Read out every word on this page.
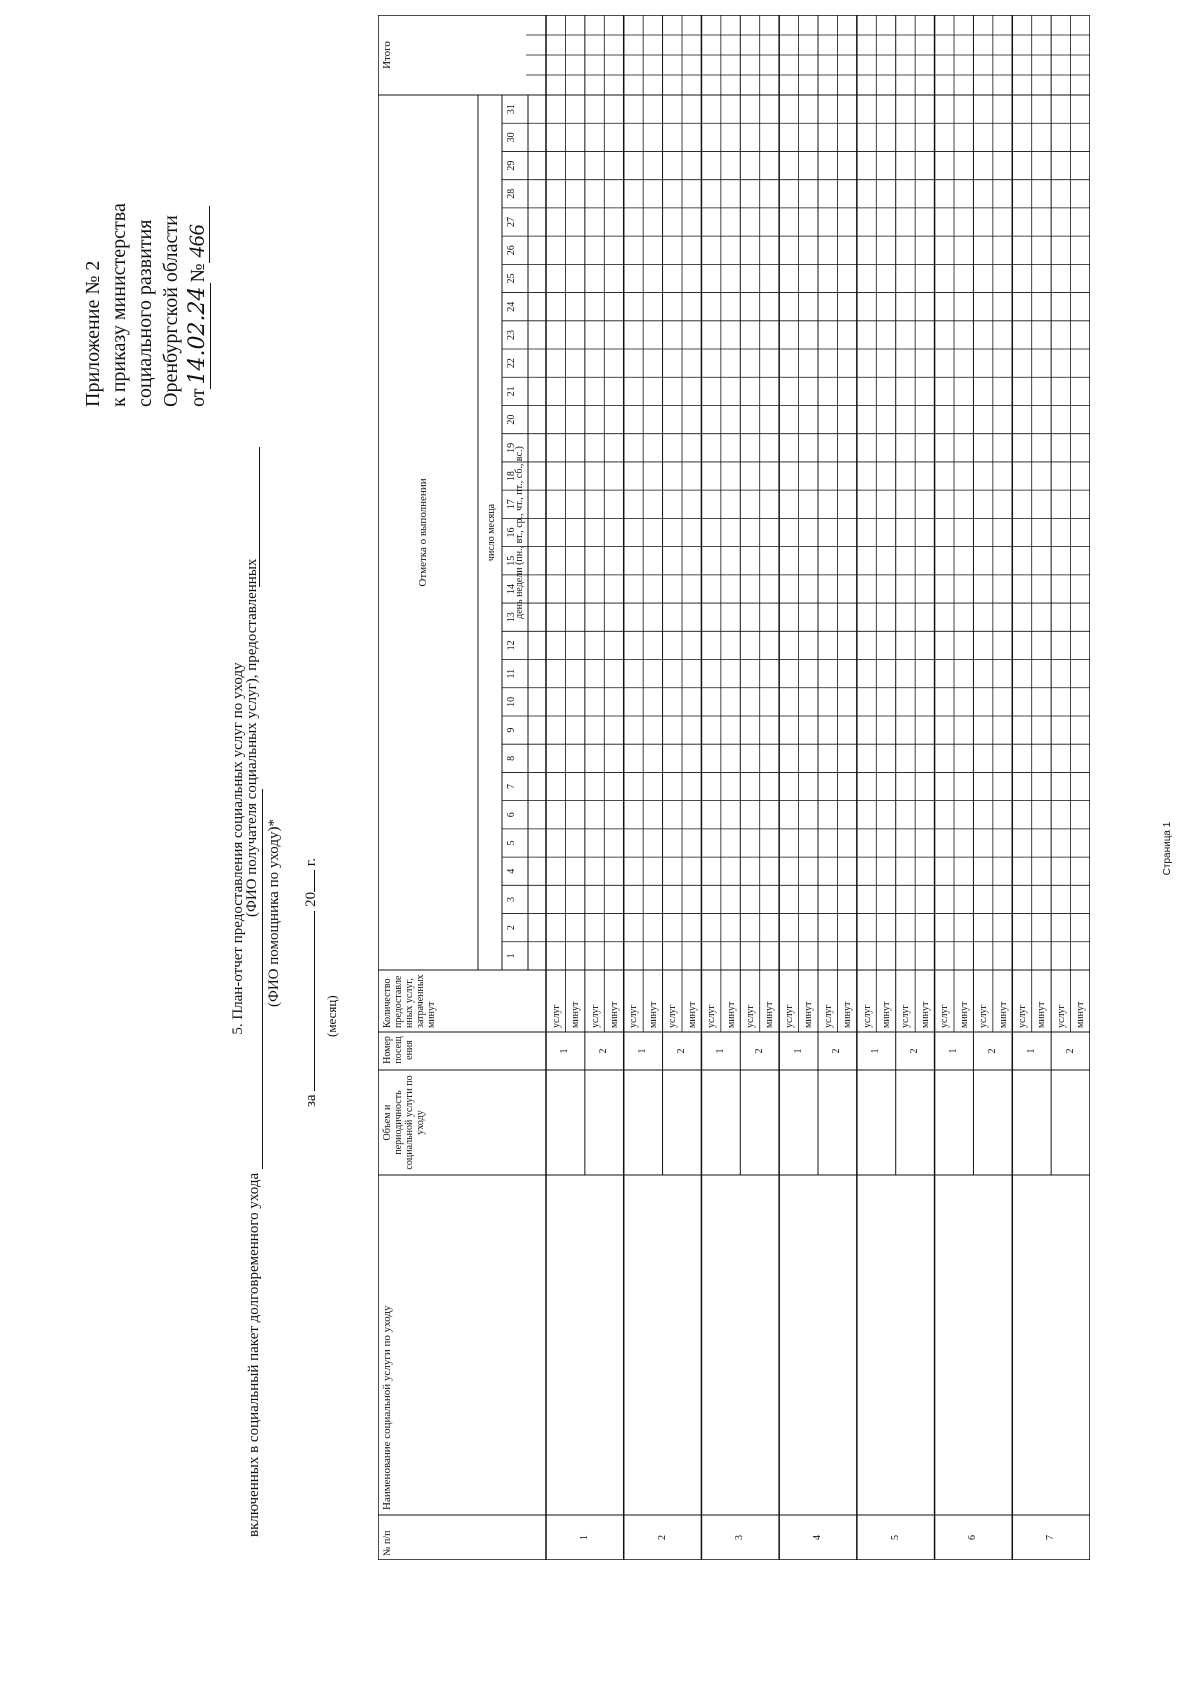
Приложение № 2 к приказу министерства социального развития Оренбургской области от14.02.24№466
5. План-отчет предоставления социальных услуг по уходу
включенных в социальный пакет долговременного ухода
(ФИО получателя социальных услуг), предоставленных (ФИО помощника по уходу)*
за  20 г.
(месяц)
№ п/п
Наименование социальной услуги по уходу
Объем и периодичность социальной услуги по уходу
Номер посещения
Количество предоставленных услуг, затраченных минут
Отметка о выполнении	число месяца день недели (пн., вт., ср., чт., пт., сб., вс.)
Итого
1
2
3
4
5
6
7
8
9
10
11
12
13
14
15
16
17
18
19
20
21
22
23
24
25
26
27
28
29
30
31
1
1
услуг минут
2
услуг минут
2
1
услуг минут
2
услуг минут
3
1
услуг минут
2
услуг минут
4
1
услуг минут
2
услуг минут
5
1
услуг минут
2
услуг минут
6
1
услуг минут
2
услуг минут
7
1
услуг минут
2
услуг минут
Страница 1
